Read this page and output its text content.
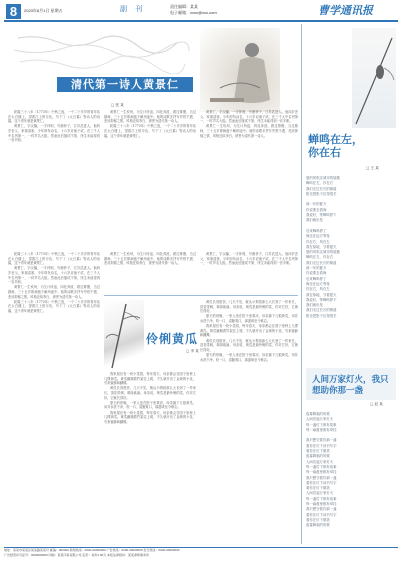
8	2023年8月1日 星期五	副 刊	责任编辑：某某
电子邮箱：xxxx@xxx.com	曹学通讯报
清代第一诗人黄景仁
□ 张 某

乾隆三十八年（1773年）中秋之夜，一个二十多岁的青年站在太白楼上，望着江上的月色，写下了《太白墓》等动人的诗篇，这个青年就是黄景仁。

黄景仁，字汉镛，一字仲则，号鹿菲子，江苏武进人。他四岁丧父，家境清寒，少年即负诗名，十六岁应童子试，在三千人中名列第一，一时声名大振。然而此后屡试不第，终生未能得到一官半职。

黄景仁一生坎坷，为生计所迫，四处奔波，做过幕僚，当过塾师，三十五岁即病逝于解州途中。他的诗歌多抒写穷愁不遇、悲凉抑郁之情，风格近似李白，被誉为清代第一诗人。

乾隆三十八年（1773年）中秋之夜，一个二十多岁的青年站在太白楼上，望着江上的月色，写下了《太白墓》等动人的诗篇，这个青年就是黄景仁。

黄景仁，字汉镛，一字仲则，号鹿菲子，江苏武进人。他四岁丧父，家境清寒，少年即负诗名，十六岁应童子试，在三千人中名列第一，一时声名大振。然而此后屡试不第，终生未能得到一官半职。

黄景仁一生坎坷，为生计所迫，四处奔波，做过幕僚，当过塾师，三十五岁即病逝于解州途中。他的诗歌多抒写穷愁不遇、悲凉抑郁之情，风格近似李白，被誉为清代第一诗人。

乾隆三十八年（1773年）中秋之夜，一个二十多岁的青年站在太白楼上，望着江上的月色，写下了《太白墓》等动人的诗篇，这个青年就是黄景仁。

黄景仁，字汉镛，一字仲则，号鹿菲子，江苏武进人。他四岁丧父，家境清寒，少年即负诗名，十六岁应童子试，在三千人中名列第一，一时声名大振。然而此后屡试不第，终生未能得到一官半职。

黄景仁一生坎坷，为生计所迫，四处奔波，做过幕僚，当过塾师，三十五岁即病逝于解州途中。他的诗歌多抒写穷愁不遇、悲凉抑郁之情，风格近似李白，被誉为清代第一诗人。

乾隆三十八年（1773年）中秋之夜，一个二十多岁的青年站在太白楼上，望着江上的月色，写下了《太白墓》等动人的诗篇，这个青年就是黄景仁。

黄景仁一生坎坷，为生计所迫，四处奔波，做过幕僚，当过塾师，三十五岁即病逝于解州途中。他的诗歌多抒写穷愁不遇、悲凉抑郁之情，风格近似李白，被誉为清代第一诗人。

黄景仁，字汉镛，一字仲则，号鹿菲子，江苏武进人。他四岁丧父，家境清寒，少年即负诗名，十六岁应童子试，在三千人中名列第一，一时声名大振。然而此后屡试不第，终生未能得到一官半职。

伶俐黄瓜
□ 李 某

我家屋后有一块小菜园，每年春天，母亲都会在园子里种上几棵黄瓜。黄瓜藤顺着竹架往上爬，不久就开出了金黄的小花，引来蜜蜂和蝴蝶。

黄瓜长得很快，几天不见，就从小拇指那么大长到了一拃来长，顶花带刺，翠绿欲滴。母亲说，黄瓜是最伶俐的菜，你对它好，它就长得好。

夏天的傍晚，一家人坐在院子里乘凉，母亲摘下几根黄瓜，用井水洗干净，咬一口，清脆爽口，那滋味至今难忘。

我家屋后有一块小菜园，每年春天，母亲都会在园子里种上几棵黄瓜。黄瓜藤顺着竹架往上爬，不久就开出了金黄的小花，引来蜜蜂和蝴蝶。

黄瓜长得很快，几天不见，就从小拇指那么大长到了一拃来长，顶花带刺，翠绿欲滴。母亲说，黄瓜是最伶俐的菜，你对它好，它就长得好。

夏天的傍晚，一家人坐在院子里乘凉，母亲摘下几根黄瓜，用井水洗干净，咬一口，清脆爽口，那滋味至今难忘。

我家屋后有一块小菜园，每年春天，母亲都会在园子里种上几棵黄瓜。黄瓜藤顺着竹架往上爬，不久就开出了金黄的小花，引来蜜蜂和蝴蝶。

黄瓜长得很快，几天不见，就从小拇指那么大长到了一拃来长，顶花带刺，翠绿欲滴。母亲说，黄瓜是最伶俐的菜，你对它好，它就长得好。

夏天的傍晚，一家人坐在院子里乘凉，母亲摘下几根黄瓜，用井水洗干净，咬一口，清脆爽口，那滋味至今难忘。

蝉鸣在左，你在右
□ 王 某
夏的风吹过城市的屋檐
蝉鸣在左，你在右
我们走过长长的街道
阳光把影子拉得很长

那一年的夏天
你说要去看海
我说好，等蝉鸣停下
我们就出发

后来蝉鸣停了
海还在远方等待
你在右，风在左
我在原地，守着夏天
夏的风吹过城市的屋檐
蝉鸣在左，你在右
我们走过长长的街道
那一年的夏天
你说要去看海
后来蝉鸣停了
海还在远方等待
你在右，风在左
我在原地，守着夏天
我说好，等蝉鸣停下
我们就出发
我们走过长长的街道
阳光把影子拉得很长
人间万家灯火，我只想助你那一盏
□ 赵 某
夜幕降临的时候
人间亮起万家灯火
每一盏灯下都有故事
每一扇窗里都有牵挂

我只想守着你那一盏
看你在灯下读书写字
看你在灯下微笑
夜幕降临的时候
人间亮起万家灯火
每一盏灯下都有故事
每一扇窗里都有牵挂
我只想守着你那一盏
看你在灯下读书写字
看你在灯下微笑
人间亮起万家灯火
每一盏灯下都有故事
每一扇窗里都有牵挂
我只想守着你那一盏
看你在灯下读书写字
看你在灯下微笑
夜幕降临的时候
地址：某某市某某区某某路某某号 邮编：000000 新闻热线：0000-00000000 广告热线：0000-00000000 发行热线：0000-00000000
广告经营许可证号：0000000000 印刷：某某印务有限公司 定价：每份1.00元 本报法律顾问：某某律师事务所
